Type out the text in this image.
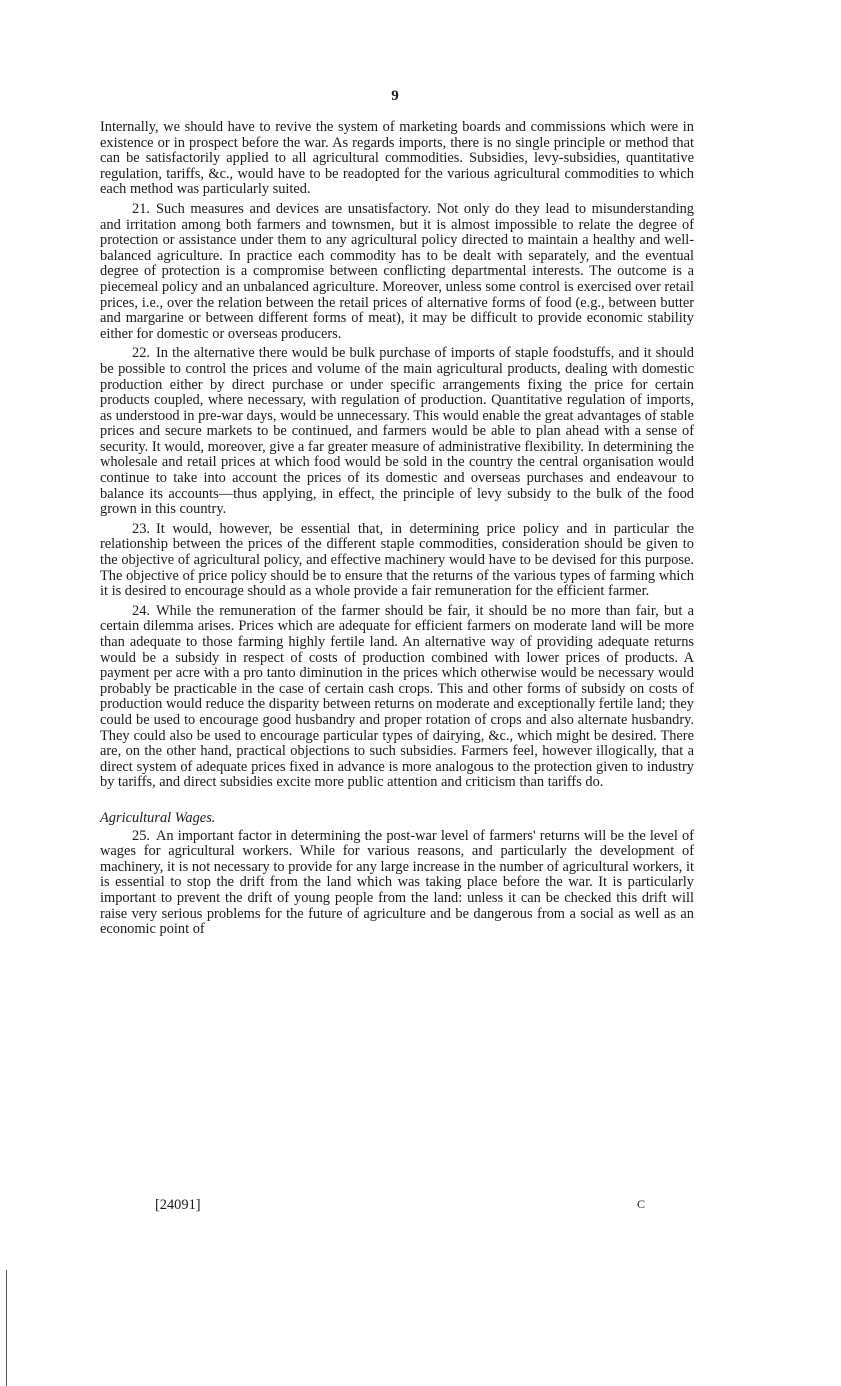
9

Internally, we should have to revive the system of marketing boards and commissions which were in existence or in prospect before the war. As regards imports, there is no single principle or method that can be satisfactorily applied to all agricultural commodities. Subsidies, levy-subsidies, quantitative regulation, tariffs, &c., would have to be readopted for the various agricultural commodities to which each method was particularly suited.

21. Such measures and devices are unsatisfactory. Not only do they lead to misunderstanding and irritation among both farmers and townsmen, but it is almost impossible to relate the degree of protection or assistance under them to any agricultural policy directed to maintain a healthy and well-balanced agriculture. In practice each commodity has to be dealt with separately, and the eventual degree of protection is a compromise between conflicting departmental interests. The outcome is a piecemeal policy and an unbalanced agriculture. Moreover, unless some control is exercised over retail prices, i.e., over the relation between the retail prices of alternative forms of food (e.g., between butter and margarine or between different forms of meat), it may be difficult to provide economic stability either for domestic or overseas producers.

22. In the alternative there would be bulk purchase of imports of staple foodstuffs, and it should be possible to control the prices and volume of the main agricultural products, dealing with domestic production either by direct purchase or under specific arrangements fixing the price for certain products coupled, where necessary, with regulation of production. Quantitative regulation of imports, as understood in pre-war days, would be unnecessary. This would enable the great advantages of stable prices and secure markets to be continued, and farmers would be able to plan ahead with a sense of security. It would, moreover, give a far greater measure of administrative flexibility. In determining the wholesale and retail prices at which food would be sold in the country the central organisation would continue to take into account the prices of its domestic and overseas purchases and endeavour to balance its accounts—thus applying, in effect, the principle of levy subsidy to the bulk of the food grown in this country.

23. It would, however, be essential that, in determining price policy and in particular the relationship between the prices of the different staple commodities, consideration should be given to the objective of agricultural policy, and effective machinery would have to be devised for this purpose. The objective of price policy should be to ensure that the returns of the various types of farming which it is desired to encourage should as a whole provide a fair remuneration for the efficient farmer.

24. While the remuneration of the farmer should be fair, it should be no more than fair, but a certain dilemma arises. Prices which are adequate for efficient farmers on moderate land will be more than adequate to those farming highly fertile land. An alternative way of providing adequate returns would be a subsidy in respect of costs of production combined with lower prices of products. A payment per acre with a pro tanto diminution in the prices which otherwise would be necessary would probably be practicable in the case of certain cash crops. This and other forms of subsidy on costs of production would reduce the disparity between returns on moderate and exceptionally fertile land; they could be used to encourage good husbandry and proper rotation of crops and also alternate husbandry. They could also be used to encourage particular types of dairying, &c., which might be desired. There are, on the other hand, practical objections to such subsidies. Farmers feel, however illogically, that a direct system of adequate prices fixed in advance is more analogous to the protection given to industry by tariffs, and direct subsidies excite more public attention and criticism than tariffs do.

Agricultural Wages.

25. An important factor in determining the post-war level of farmers' returns will be the level of wages for agricultural workers. While for various reasons, and particularly the development of machinery, it is not necessary to provide for any large increase in the number of agricultural workers, it is essential to stop the drift from the land which was taking place before the war. It is particularly important to prevent the drift of young people from the land: unless it can be checked this drift will raise very serious problems for the future of agriculture and be dangerous from a social as well as an economic point of

[24091]	C
